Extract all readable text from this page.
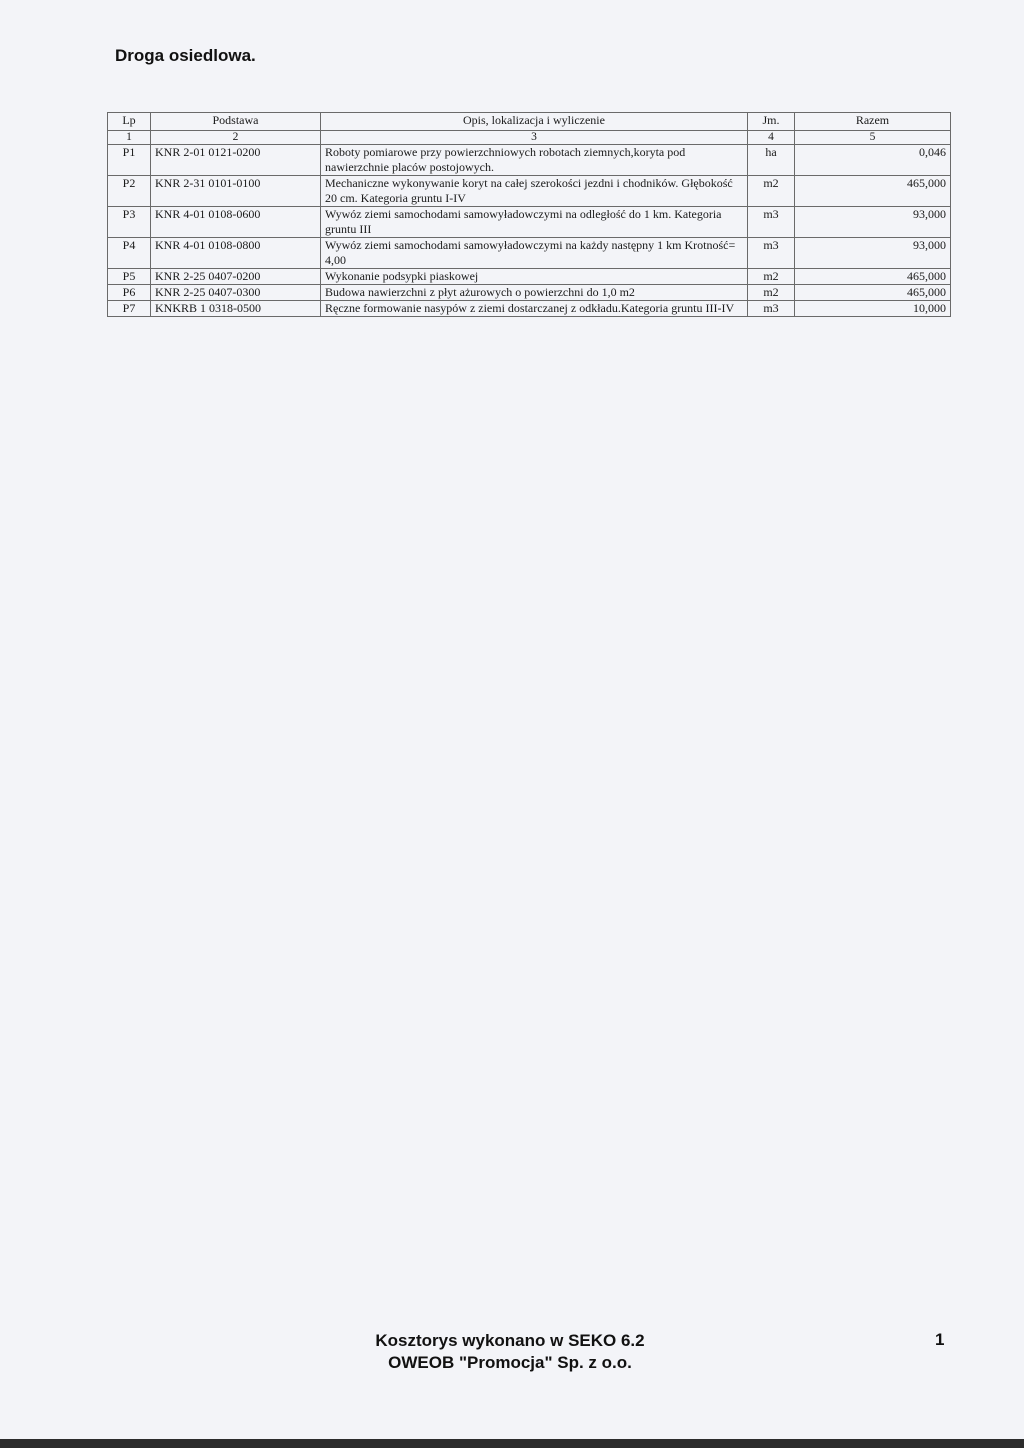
Droga osiedlowa.
Lp	Podstawa	Opis, lokalizacja i wyliczenie	Jm.	Razem
1	2	3	4	5
P1	KNR 2-01 0121-0200	Roboty pomiarowe przy powierzchniowych robotach ziemnych,koryta pod nawierzchnie placów postojowych.	ha	0,046
P2	KNR 2-31 0101-0100	Mechaniczne wykonywanie koryt na całej szerokości jezdni i chodników. Głębokość 20 cm. Kategoria gruntu I-IV	m2	465,000
P3	KNR 4-01 0108-0600	Wywóz ziemi samochodami samowyładowczymi na odległość do 1 km. Kategoria gruntu III	m3	93,000
P4	KNR 4-01 0108-0800	Wywóz ziemi samochodami samowyładowczymi na każdy następny 1 km Krotność= 4,00	m3	93,000
P5	KNR 2-25 0407-0200	Wykonanie podsypki piaskowej	m2	465,000
P6	KNR 2-25 0407-0300	Budowa nawierzchni z płyt ażurowych o powierzchni do 1,0 m2	m2	465,000
P7	KNKRB 1 0318-0500	Ręczne formowanie nasypów z ziemi dostarczanej z odkładu.Kategoria gruntu III-IV	m3	10,000
Kosztorys wykonano w SEKO 6.2
OWEOB "Promocja" Sp. z o.o.
1
